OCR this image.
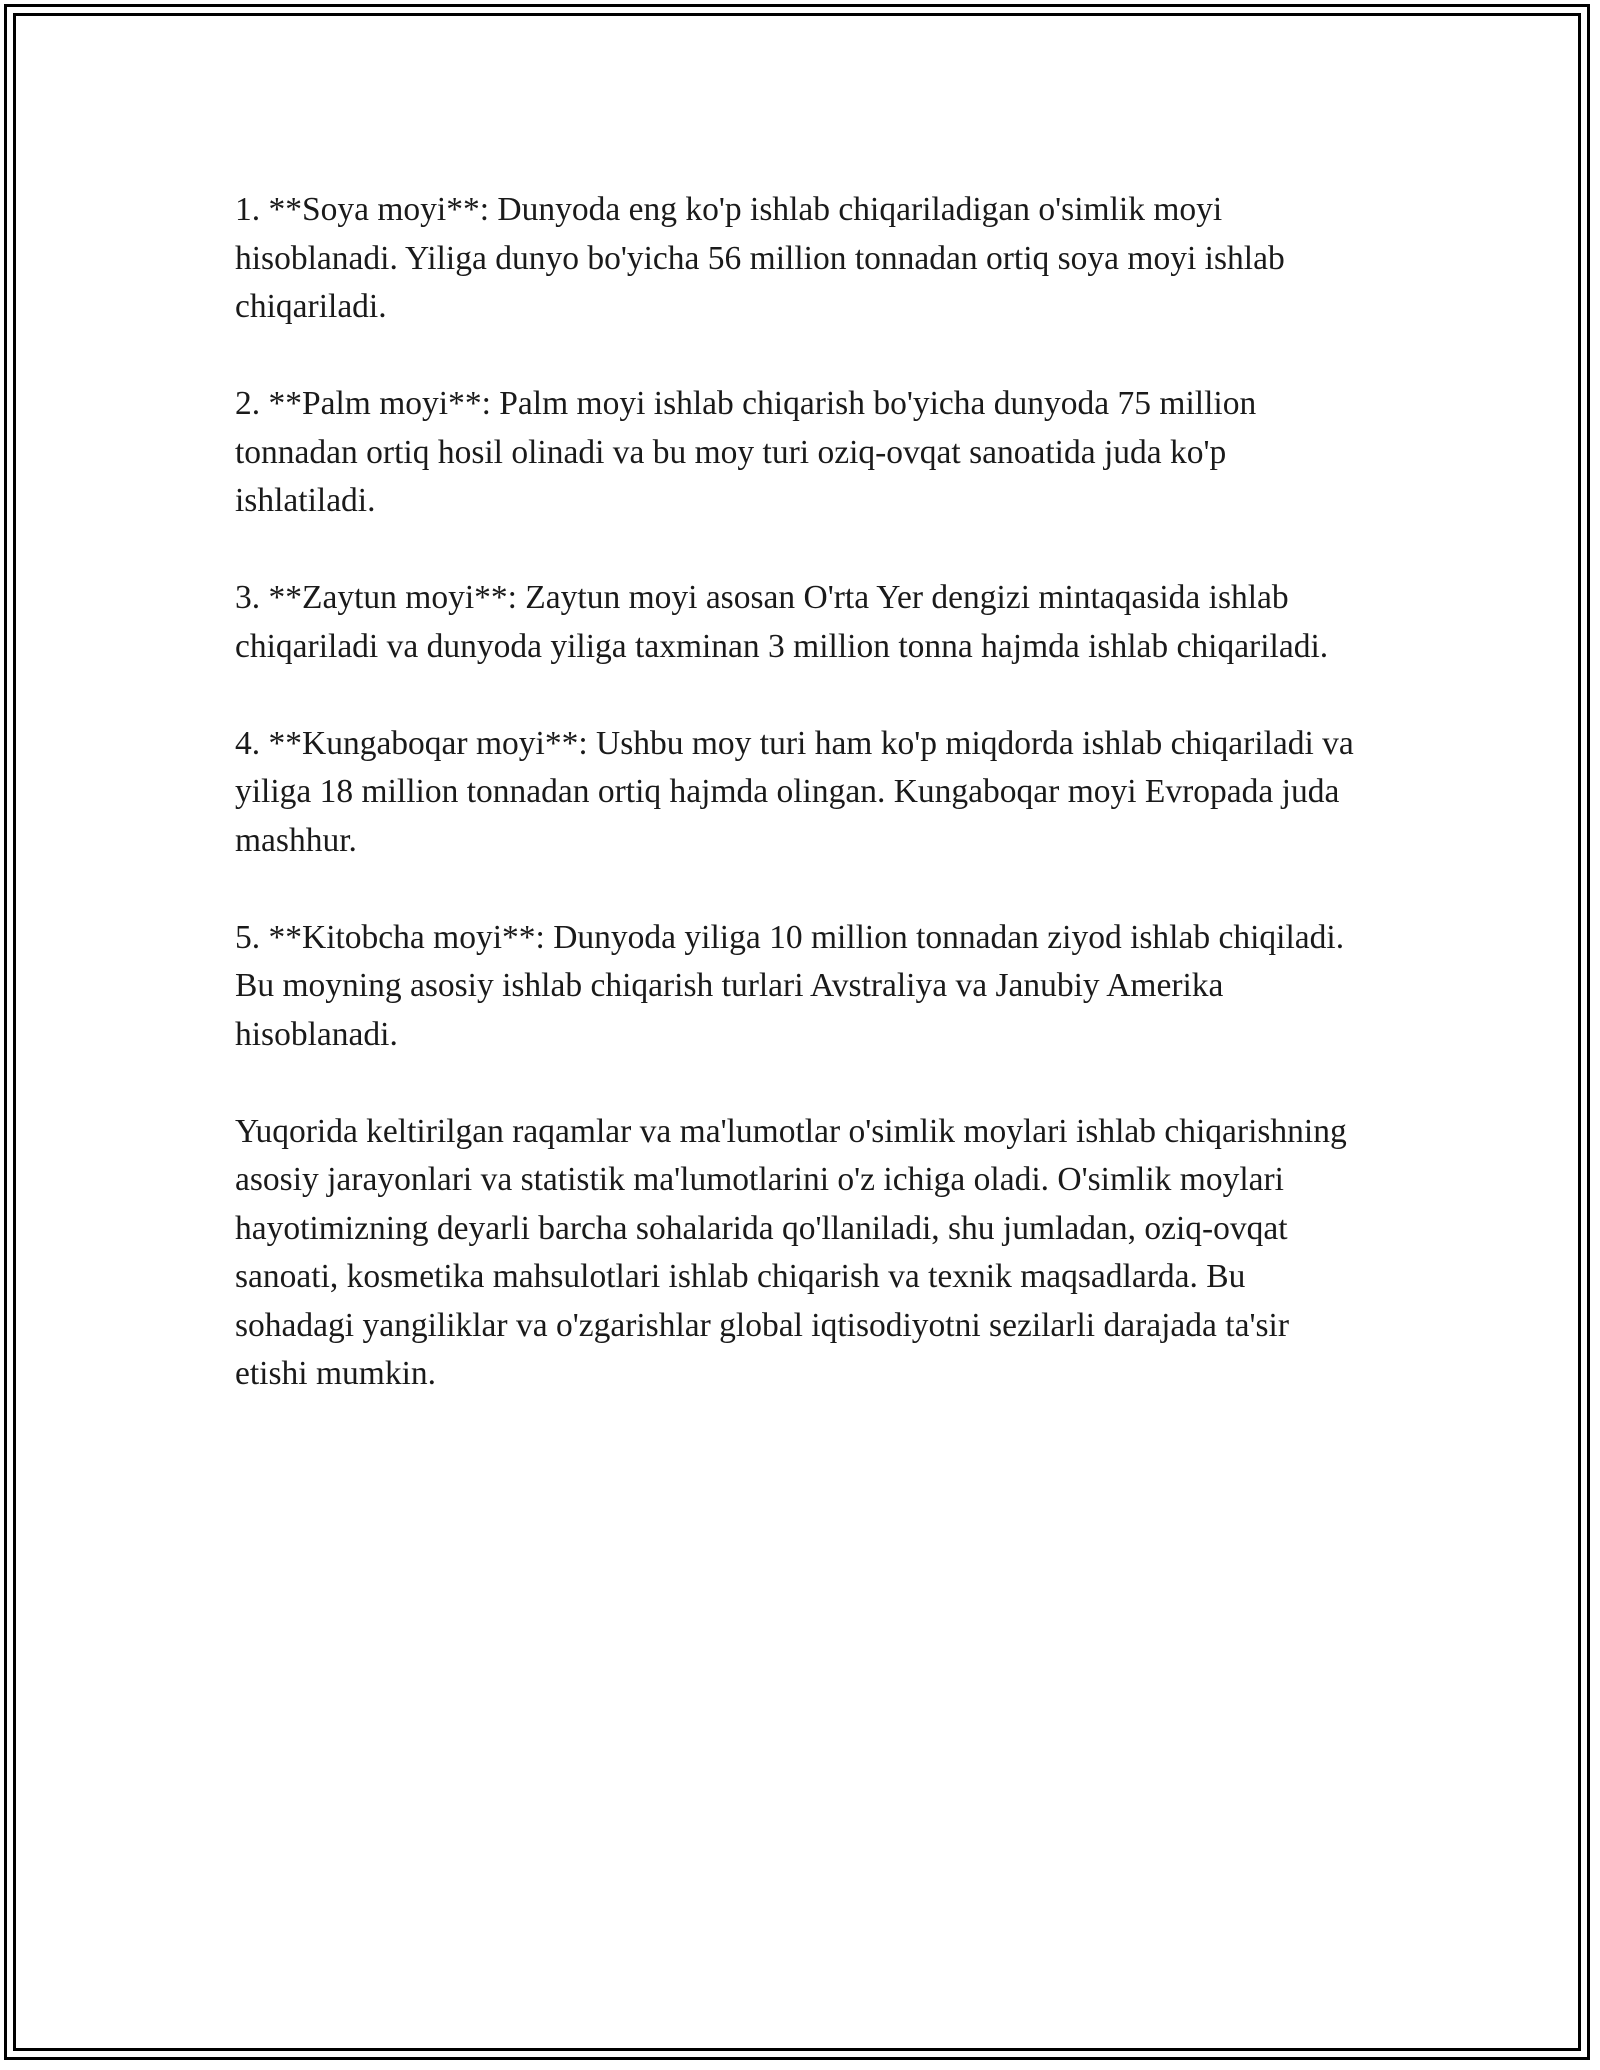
1. **Soya moyi**: Dunyoda eng ko'p ishlab chiqariladigan o'simlik moyi hisoblanadi. Yiliga dunyo bo'yicha 56 million tonnadan ortiq soya moyi ishlab chiqariladi.

2. **Palm moyi**: Palm moyi ishlab chiqarish bo'yicha dunyoda 75 million tonnadan ortiq hosil olinadi va bu moy turi oziq-ovqat sanoatida juda ko'p ishlatiladi.

3. **Zaytun moyi**: Zaytun moyi asosan O'rta Yer dengizi mintaqasida ishlab chiqariladi va dunyoda yiliga taxminan 3 million tonna hajmda ishlab chiqariladi.

4. **Kungaboqar moyi**: Ushbu moy turi ham ko'p miqdorda ishlab chiqariladi va yiliga 18 million tonnadan ortiq hajmda olingan. Kungaboqar moyi Evropada juda mashhur.

5. **Kitobcha moyi**: Dunyoda yiliga 10 million tonnadan ziyod ishlab chiqiladi. Bu moyning asosiy ishlab chiqarish turlari Avstraliya va Janubiy Amerika hisoblanadi.

Yuqorida keltirilgan raqamlar va ma'lumotlar o'simlik moylari ishlab chiqarishning asosiy jarayonlari va statistik ma'lumotlarini o'z ichiga oladi. O'simlik moylari hayotimizning deyarli barcha sohalarida qo'llaniladi, shu jumladan, oziq-ovqat sanoati, kosmetika mahsulotlari ishlab chiqarish va texnik maqsadlarda. Bu sohadagi yangiliklar va o'zgarishlar global iqtisodiyotni sezilarli darajada ta'sir etishi mumkin.
